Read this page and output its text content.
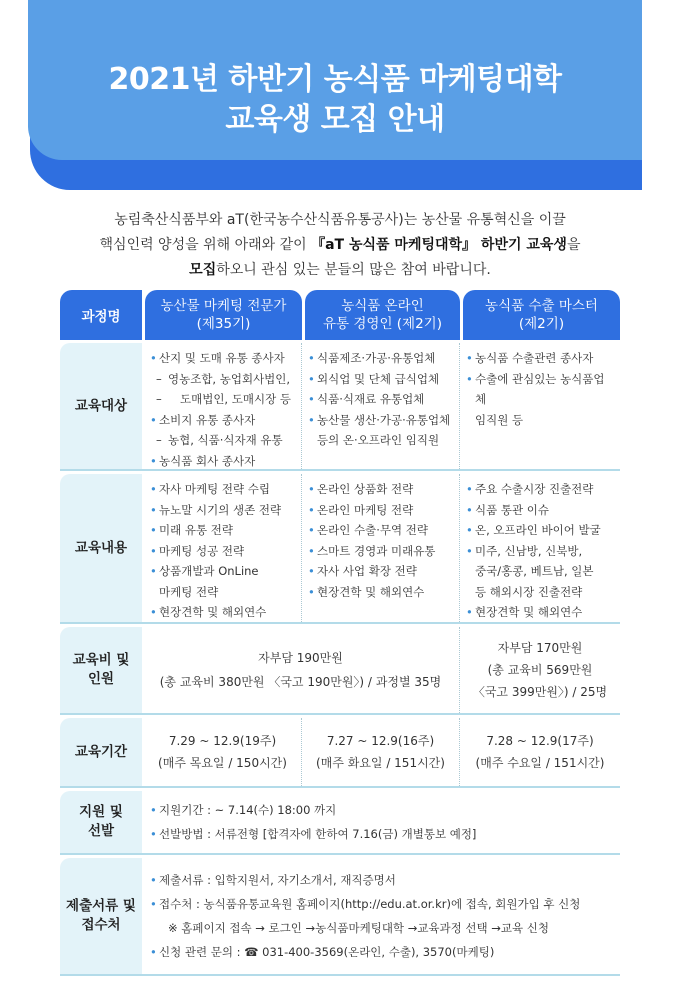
2021년 하반기 농식품 마케팅대학
교육생 모집 안내
농림축산식품부와 aT(한국농수산식품유통공사)는 농산물 유통혁신을 이끌
핵심인력 양성을 위해 아래와 같이 『aT 농식품 마케팅대학』 하반기 교육생을
모집하오니 관심 있는 분들의 많은 참여 바랍니다.
과정명
농산물 마케팅 전문가
(제35기)
농식품 온라인
유통 경영인 (제2기)
농식품 수출 마스터
(제2기)
교육대상
• 산지 및 도매 유통 종사자
– 영농조합, 농업회사법인,
– 도매법인, 도매시장 등
• 소비지 유통 종사자
– 농협, 식품·식자재 유통
• 농식품 회사 종사자
• 식품제조·가공·유통업체
• 외식업 및 단체 급식업체
• 식품·식재료 유통업체
• 농산물 생산·가공·유통업체
등의 온·오프라인 임직원
• 농식품 수출관련 종사자
• 수출에 관심있는 농식품업체
임직원 등
교육내용
• 자사 마케팅 전략 수립
• 뉴노말 시기의 생존 전략
• 미래 유통 전략
• 마케팅 성공 전략
• 상품개발과 OnLine
마케팅 전략
• 현장견학 및 해외연수
• 온라인 상품화 전략
• 온라인 마케팅 전략
• 온라인 수출·무역 전략
• 스마트 경영과 미래유통
• 자사 사업 확장 전략
• 현장견학 및 해외연수
• 주요 수출시장 진출전략
• 식품 통관 이슈
• 온, 오프라인 바이어 발굴
• 미주, 신남방, 신북방,
중국/홍콩, 베트남, 일본
등 해외시장 진출전략
• 현장견학 및 해외연수
교육비 및
인원
자부담 190만원
(총 교육비 380만원 〈국고 190만원〉) / 과정별 35명
자부담 170만원
(총 교육비 569만원
〈국고 399만원〉) / 25명
교육기간
7.29 ~ 12.9(19주)
(매주 목요일 / 150시간)
7.27 ~ 12.9(16주)
(매주 화요일 / 151시간)
7.28 ~ 12.9(17주)
(매주 수요일 / 151시간)
지원 및
선발
• 지원기간 : ~ 7.14(수) 18:00 까지
• 선발방법 : 서류전형 [합격자에 한하여 7.16(금) 개별통보 예정]
제출서류 및
접수처
• 제출서류 : 입학지원서, 자기소개서, 재직증명서
• 접수처 : 농식품유통교육원 홈페이지(http://edu.at.or.kr)에 접속, 회원가입 후 신청
※ 홈페이지 접속 → 로그인 →농식품마케팅대학 →교육과정 선택 →교육 신청
• 신청 관련 문의 : ☎ 031-400-3569(온라인, 수출), 3570(마케팅)
